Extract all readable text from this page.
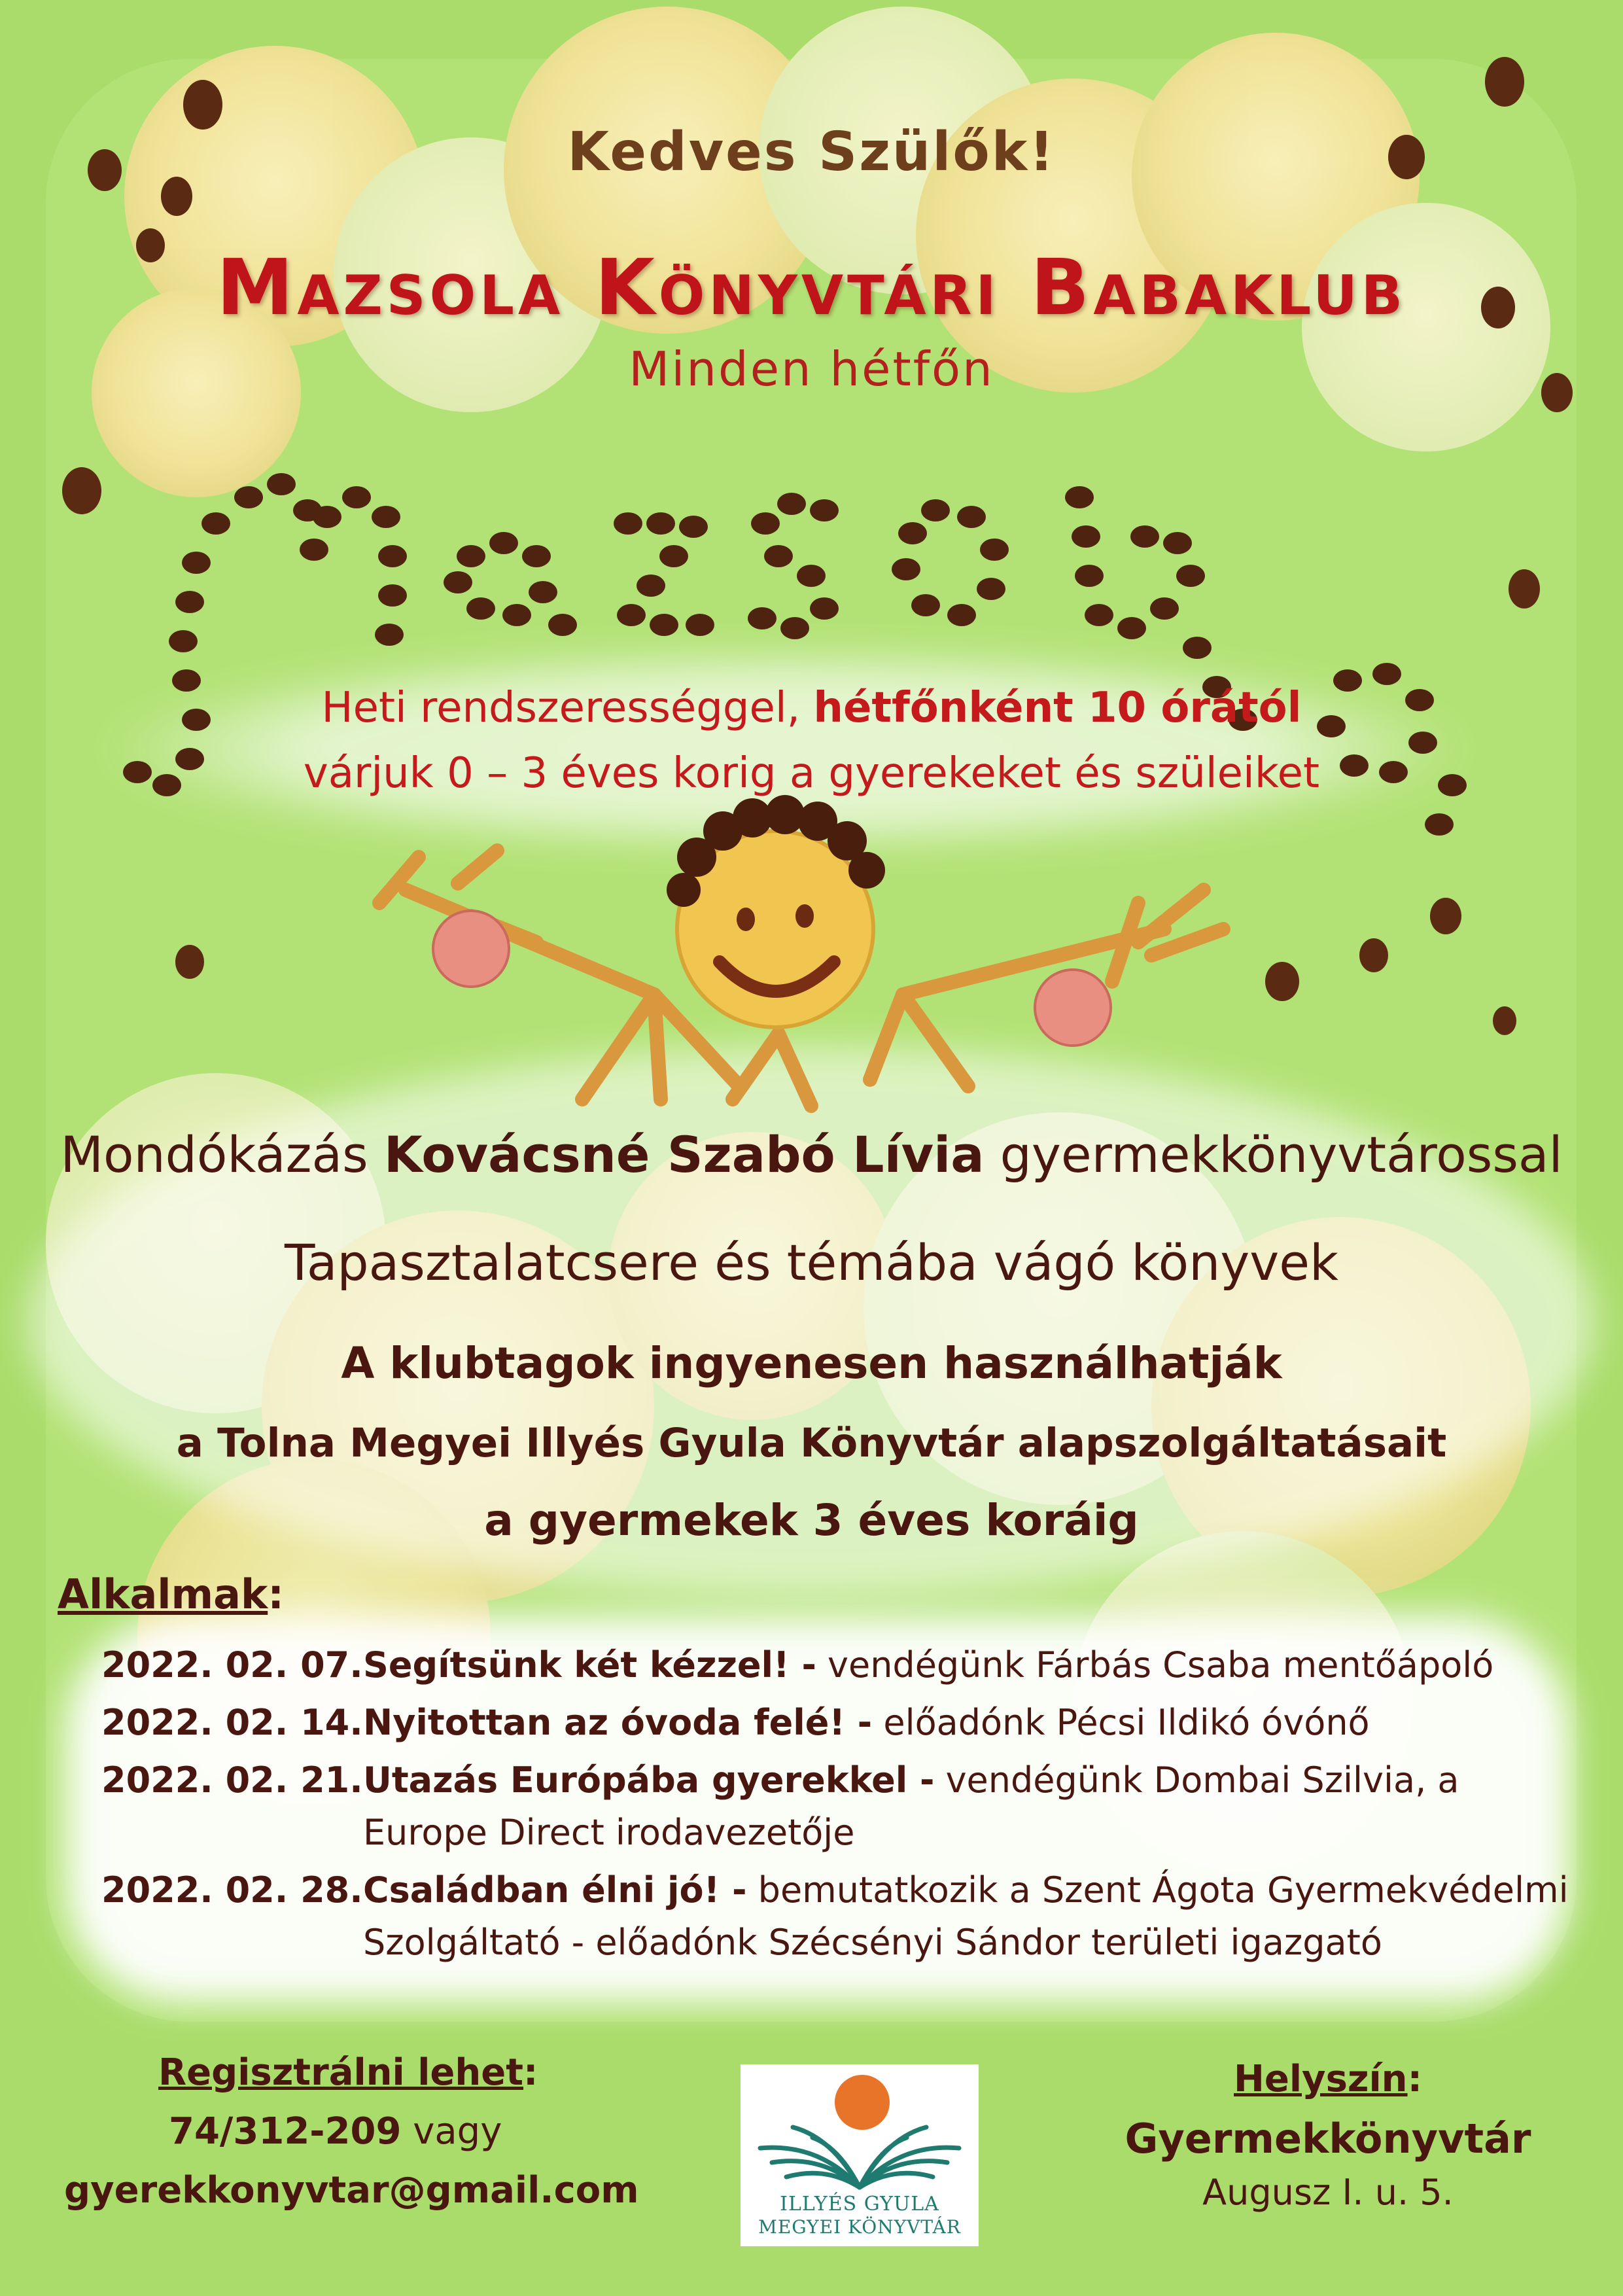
Kedves Szülők!
Mazsola Könyvtári Babaklub
Minden hétfőn
Heti rendszerességgel, hétfőnként 10 órától
várjuk 0 – 3 éves korig a gyerekeket és szüleiket
Mondókázás Kovácsné Szabó Lívia gyermekkönyvtárossal
Tapasztalatcsere és témába vágó könyvek
A klubtagok ingyenesen használhatják
a Tolna Megyei Illyés Gyula Könyvtár alapszolgáltatásait
a gyermekek 3 éves koráig
Alkalmak:
2022. 02. 07. Segítsünk két kézzel! - vendégünk Fárbás Csaba mentőápoló
2022. 02. 14. Nyitottan az óvoda felé! - előadónk Pécsi Ildikó óvónő
2022. 02. 21. Utazás Európába gyerekkel - vendégünk Dombai Szilvia, a Europe Direct irodavezetője
2022. 02. 28. Családban élni jó! - bemutatkozik a Szent Ágota Gyermekvédelmi Szolgáltató - előadónk Szécsényi Sándor területi igazgató
Regisztrálni lehet:
74/312-209 vagy
gyerekkonyvtar@gmail.com	ILLYÉS GYULA
MEGYEI KÖNYVTÁR
Helyszín:
Gyermekkönyvtár
Augusz I. u. 5.
